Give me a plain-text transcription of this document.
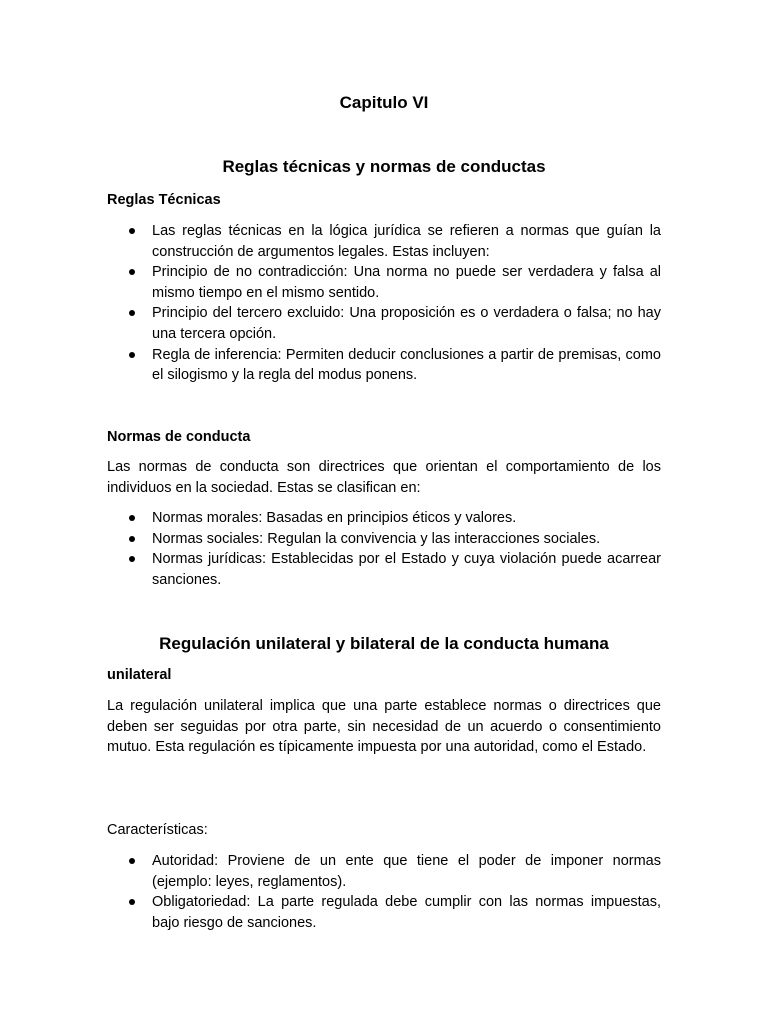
Capitulo VI
Reglas técnicas y normas de conductas
Reglas Técnicas
Las reglas técnicas en la lógica jurídica se refieren a normas que guían la construcción de argumentos legales. Estas incluyen:
Principio de no contradicción: Una norma no puede ser verdadera y falsa al mismo tiempo en el mismo sentido.
Principio del tercero excluido: Una proposición es o verdadera o falsa; no hay una tercera opción.
Regla de inferencia: Permiten deducir conclusiones a partir de premisas, como el silogismo y la regla del modus ponens.
Normas de conducta

Las normas de conducta son directrices que orientan el comportamiento de los individuos en la sociedad. Estas se clasifican en:

Normas morales: Basadas en principios éticos y valores.
Normas sociales: Regulan la convivencia y las interacciones sociales.
Normas jurídicas: Establecidas por el Estado y cuya violación puede acarrear sanciones.
Regulación unilateral y bilateral de la conducta humana
unilateral

La regulación unilateral implica que una parte establece normas o directrices que deben ser seguidas por otra parte, sin necesidad de un acuerdo o consentimiento mutuo. Esta regulación es típicamente impuesta por una autoridad, como el Estado.

Características:

Autoridad: Proviene de un ente que tiene el poder de imponer normas (ejemplo: leyes, reglamentos).
Obligatoriedad: La parte regulada debe cumplir con las normas impuestas, bajo riesgo de sanciones.
